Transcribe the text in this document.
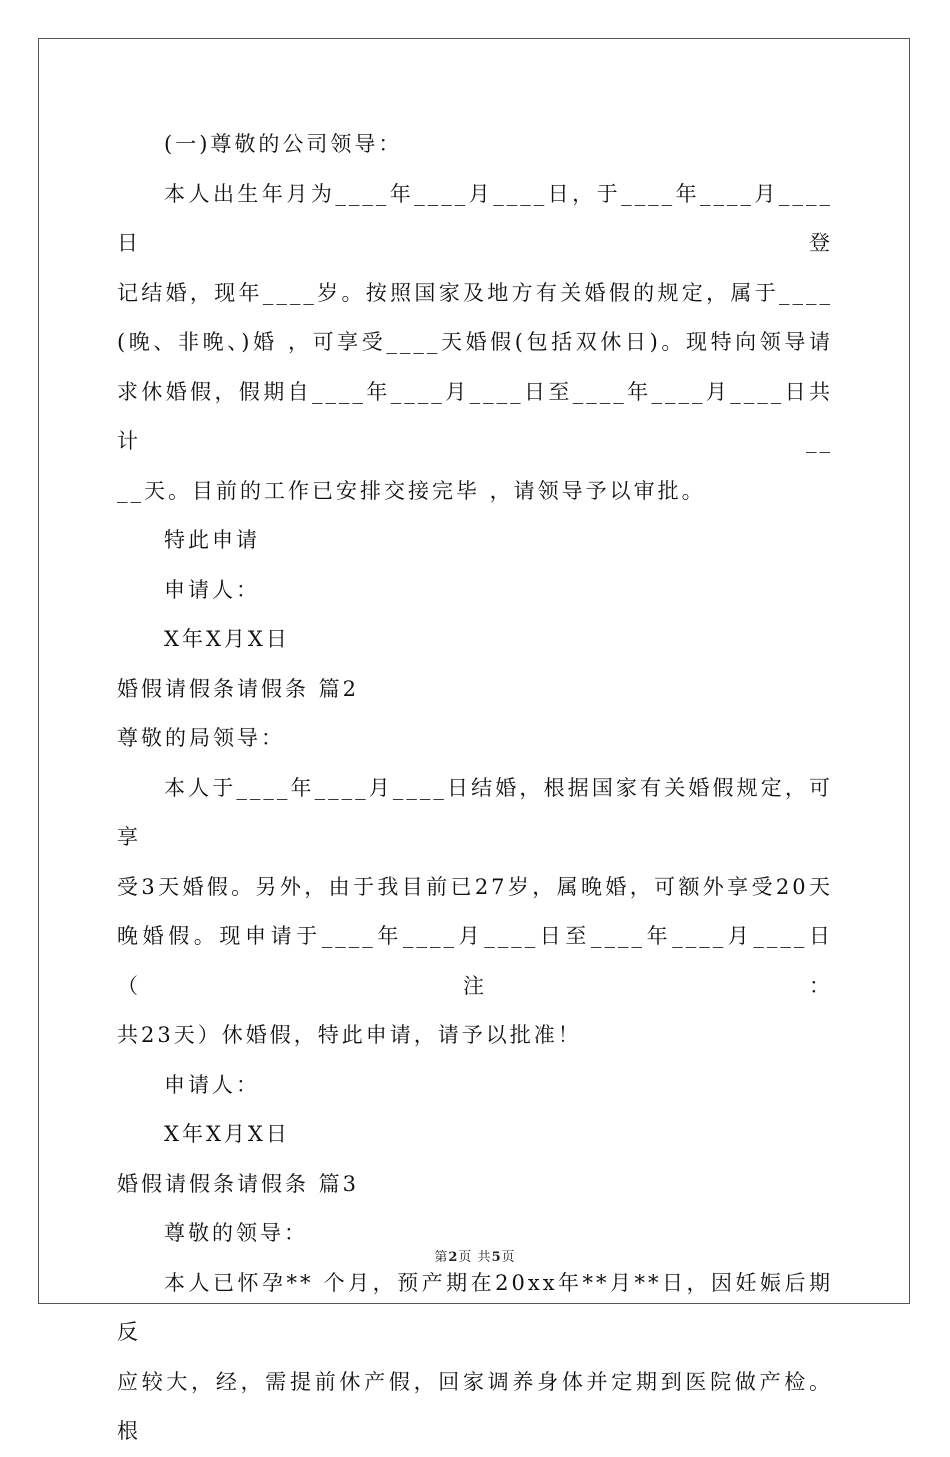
(一)尊敬的公司领导：

本人出生年月为____年____月____日，于____年____月____日登

记结婚，现年____岁。按照国家及地方有关婚假的规定，属于____

(晚、非晚、)婚 ，可享受____天婚假(包括双休日)。现特向领导请

求休婚假，假期自____年____月____日至____年____月____日共计__

__天。目前的工作已安排交接完毕 ，请领导予以审批。

特此申请

申请人：

X年X月X日

婚假请假条请假条 篇2

尊敬的局领导：

本人于____年____月____日结婚，根据国家有关婚假规定，可享

受3天婚假。另外，由于我目前已27岁，属晚婚，可额外享受20天

晚婚假。现申请于____年____月____日至____年____月____日（注：

共23天）休婚假，特此申请，请予以批准！

申请人：

X年X月X日

婚假请假条请假条 篇3

尊敬的领导：

本人已怀孕** 个月，预产期在20xx年**月**日，因妊娠后期反

应较大，经，需提前休产假，回家调养身体并定期到医院做产检。根

第2页 共5页
